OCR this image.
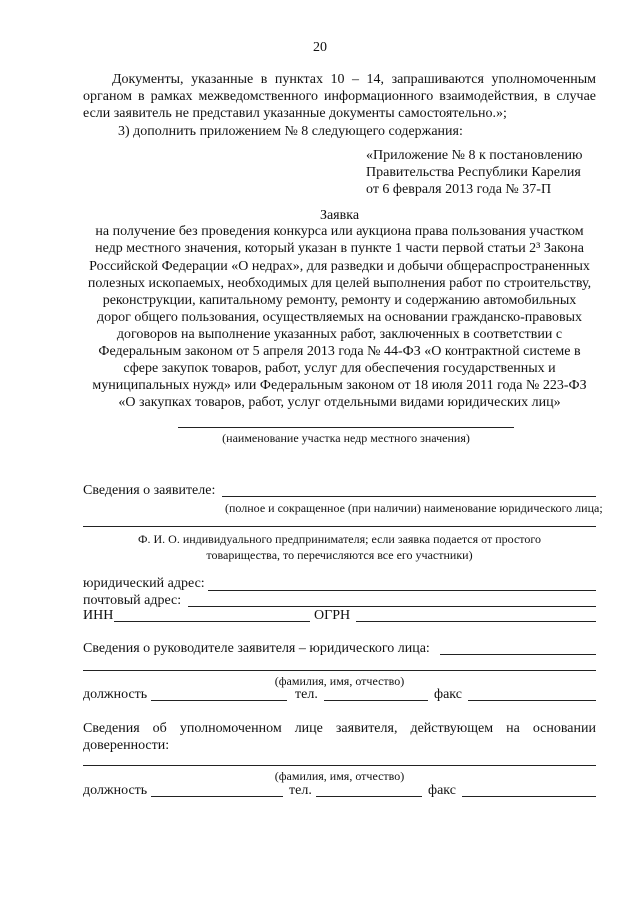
20
Документы, указанные в пунктах 10 – 14, запрашиваются уполномоченным
органом в рамках межведомственного информационного взаимодействия, в случае
если заявитель не представил указанные документы самостоятельно.»;
3) дополнить приложением № 8 следующего содержания:
«Приложение № 8 к постановлению
Правительства Республики Карелия
от 6 февраля 2013 года № 37-П
Заявка
на получение без проведения конкурса или аукциона права пользования участком
недр местного значения, который указан в пункте 1 части первой статьи 2³ Закона
Российской Федерации «О недрах», для разведки и добычи общераспространенных
полезных ископаемых, необходимых для целей выполнения работ по строительству,
реконструкции, капитальному ремонту, ремонту и содержанию автомобильных
дорог общего пользования, осуществляемых на основании гражданско-правовых
договоров на выполнение указанных работ, заключенных в соответствии с
Федеральным законом от 5 апреля 2013 года № 44-ФЗ «О контрактной системе в
сфере закупок товаров, работ, услуг для обеспечения государственных и
муниципальных нужд» или Федеральным законом от 18 июля 2011 года № 223-ФЗ
«О закупках товаров, работ, услуг отдельными видами юридических лиц»
(наименование участка недр местного значения)
Сведения о заявителе:
(полное и сокращенное (при наличии) наименование юридического лица;
Ф. И. О. индивидуального предпринимателя; если заявка подается от простого
товарищества, то перечисляются все его участники)
юридический адрес:
почтовый адрес:
ИНН	ОГРН
Сведения о руководителе заявителя – юридического лица:
(фамилия, имя, отчество)
должность	тел.	факс
Сведения об уполномоченном лице заявителя, действующем на основании
доверенности:
(фамилия, имя, отчество)
должность	тел.	факс
